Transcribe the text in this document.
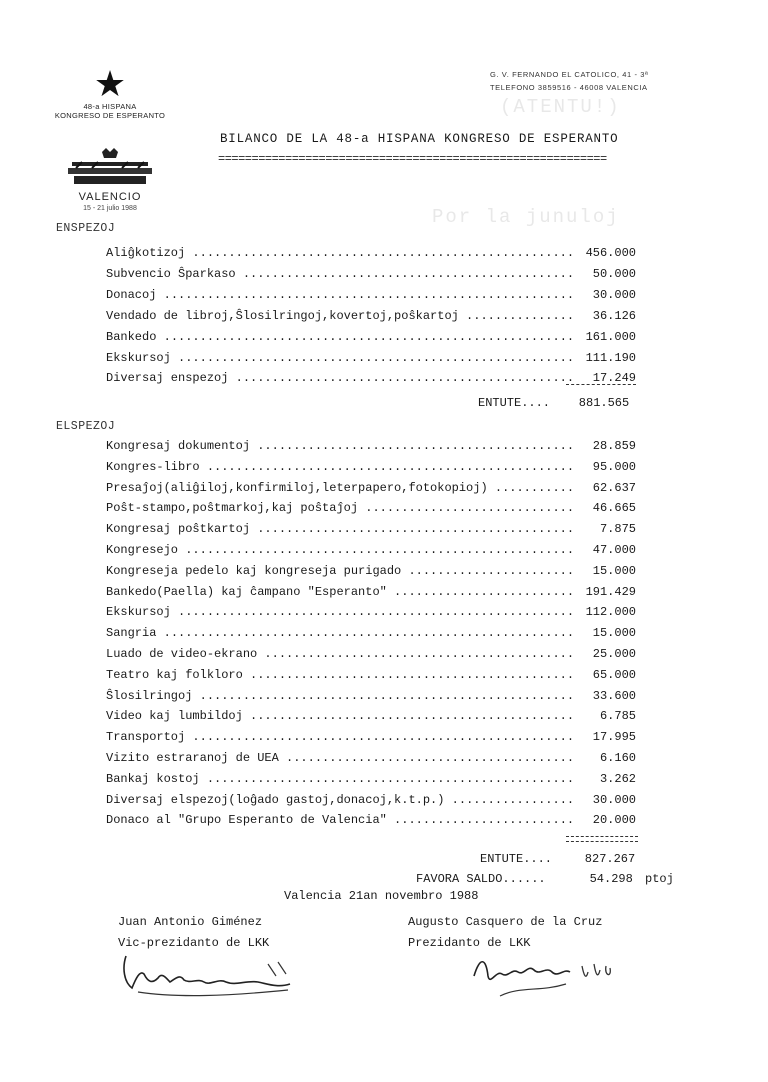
(ATENTU!)
Por la junuloj
★
48-a HISPANA
KONGRESO DE ESPERANTO
VALENCIO
15 - 21 julio 1988
G. V. FERNANDO EL CATOLICO, 41 - 3ª
TELEFONO 3859516 - 46008 VALENCIA
BILANCO DE LA 48-a HISPANA KONGRESO DE ESPERANTO
==========================================================
ENSPEZOJ
Aliĝkotizoj .....	456.000
Subvencio Ŝparkaso .....	50.000
Donacoj .....	30.000
Vendado de libroj,Ŝlosilringoj,kovertoj,poŝkartoj .....	36.126
Bankedo .....	161.000
Ekskursoj .....	111.190
Diversaj enspezoj .....	17.249
ENTUTE.... 881.565
ELSPEZOJ
Kongresaj dokumentoj .....	28.859
Kongres-libro .....	95.000
Presaĵoj(aliĝiloj,konfirmiloj,leterpapero,fotokopioj) .....	62.637
Poŝt-stampo,poŝtmarkoj,kaj poŝtaĵoj .....	46.665
Kongresaj poŝtkartoj .....	7.875
Kongresejo .....	47.000
Kongreseja pedelo kaj kongreseja purigado .....	15.000
Bankedo(Paella) kaj ĉampano "Esperanto" .....	191.429
Ekskursoj .....	112.000
Sangria .....	15.000
Luado de video-ekrano .....	25.000
Teatro kaj folkloro .....	65.000
Ŝlosilringoj .....	33.600
Video kaj lumbildoj .....	6.785
Transportoj .....	17.995
Vizito estraranoj de UEA .....	6.160
Bankaj kostoj .....	3.262
Diversaj elspezoj(loĝado gastoj,donacoj,k.t.p.) .....	30.000
Donaco al "Grupo Esperanto de Valencia" .....	20.000
ENTUTE....	827.267
FAVORA SALDO......	54.298 ptoj
Valencia 21an novembro 1988
Juan Antonio Giménez
Vic-prezidanto de LKK
Augusto Casquero de la Cruz
Prezidanto de LKK
